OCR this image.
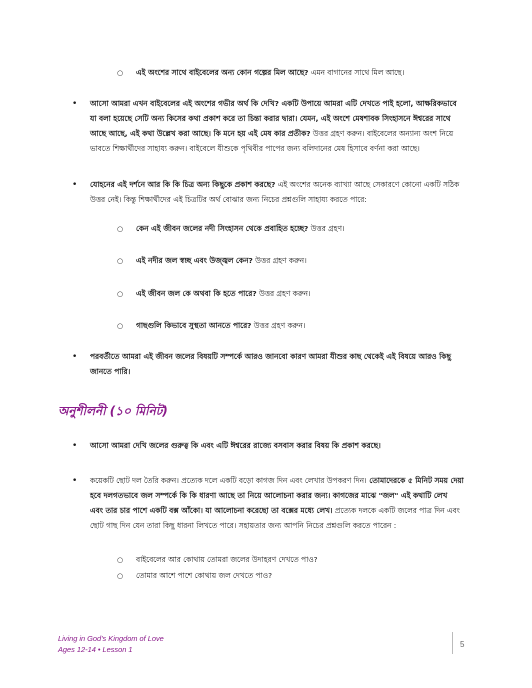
○ এই অংশের সাথে বাইবেলের অন্য কোন গল্পের মিল আছে? এমন বাগানের সাথে মিল আছে।
• আসো আমরা এখন বাইবেলের এই অংশের গভীর অর্থ কি দেখি? একটি উপায়ে আমরা এটি দেখতে পাই হলো, আক্ষরিকভাবে
যা বলা হয়েছে সেটি অন্য কিসের কথা প্রকাশ করে তা চিন্তা করার দ্বারা। যেমন, এই অংশে মেষশাবক সিংহাসনে ঈশ্বরের সাথে
আছে আছে, এই কথা উল্লেখ করা আছে। কি মনে হয় এই মেষ কার প্রতীক? উত্তর গ্রহণ করুন। বাইবেলের অন্যান্য অংশ নিয়ে
ভাবতে শিক্ষার্থীদের সাহায্য করুন। বাইবেলে যীশুকে পৃথিবীর পাপের জন্য বলিদানের মেষ হিসাবে বর্ণনা করা আছে।
• যোহনের এই দর্শনে আর কি কি চিত্র অন্য কিছুকে প্রকাশ করছে? এই অংশের অনেক ব্যাখ্যা আছে সেকারণে কোনো একটি সঠিক
উত্তর নেই। কিন্তু শিক্ষার্থীদের এই চিত্রটির অর্থ বোঝার জন্য নিচের প্রশ্নগুলি সাহায্য করতে পারে:
○ কেন এই জীবন জলের নদী সিংহাসন থেকে প্রবাহিত হচ্ছে? উত্তর গ্রহণ।
○ এই নদীর জল স্বচ্ছ এবং উজ্জ্বল কেন? উত্তর গ্রহণ করুন।
○ এই জীবন জল কে অথবা কি হতে পারে? উত্তর গ্রহণ করুন।
○ গাছগুলি কিভাবে সুস্থতা আনতে পারে? উত্তর গ্রহণ করুন।
• পরবর্তীতে আমরা এই জীবন জলের বিষয়টি সম্পর্কে আরও জানবো কারণ আমরা যীশুর কাছ থেকেই এই বিষয়ে আরও কিছু
জানতে পারি।
অনুশীলনী (১০ মিনিট)
• আসো আমরা দেখি জলের গুরুত্ব কি এবং এটি ঈশ্বরের রাজ্যে বসবাস করার বিষয় কি প্রকাশ করছে।
• কয়েকটি ছোট দল তৈরি করুন। প্রত্যেক দলে একটি বড়ো কাগজ দিন এবং লেখার উপকরণ দিন। তোমাদেরকে ৫ মিনিট সময় দেয়া
হবে দলগতভাবে জল সম্পর্কে কি কি ধারণা আছে তা নিয়ে আলোচনা করার জন্য। কাগজের মাঝে "জল" এই কথাটি লেখ
এবং তার চার পাশে একটি বক্স আঁকো। যা আলোচনা করেছো তা বক্সের মধ্যে লেখ। প্রত্যেক দলকে একটি জলের পাত্র দিন এবং
ছোট গাছ দিন যেন তারা কিছু ধারনা লিখতে পারে। সহায়তার জন্য আপনি নিচের প্রশ্নগুলি করতে পারেন :
○ বাইবেলের আর কোথায় তোমরা জলের উদাহরণ দেখতে পাও?
○ তোমার আশে পাশে কোথায় জল দেখতে পাও?
Living in God's Kingdom of Love
Ages 12-14 • Lesson 1
5
